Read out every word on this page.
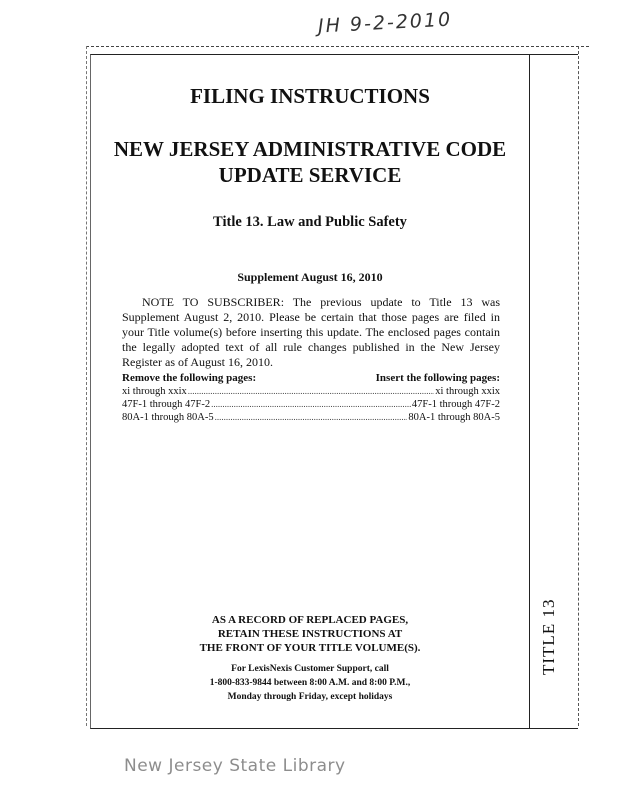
JH 9-2-2010
TITLE 13
FILING INSTRUCTIONS
NEW JERSEY ADMINISTRATIVE CODE
UPDATE SERVICE
Title 13. Law and Public Safety
Supplement August 16, 2010

NOTE TO SUBSCRIBER: The previous update to Title 13 was Supplement August 2, 2010. Please be certain that those pages are filed in your Title volume(s) before inserting this update. The enclosed pages contain the legally adopted text of all rule changes published in the New Jersey Register as of August 16, 2010.

Remove the following pages:	Insert the following pages:
xi through xxix .....	xi through xxix
47F-1 through 47F-2 .....	47F-1 through 47F-2
80A-1 through 80A-5 .....	80A-1 through 80A-5
AS A RECORD OF REPLACED PAGES,
RETAIN THESE INSTRUCTIONS AT
THE FRONT OF YOUR TITLE VOLUME(S).
For LexisNexis Customer Support, call
1-800-833-9844 between 8:00 A.M. and 8:00 P.M.,
Monday through Friday, except holidays
New Jersey State Library
